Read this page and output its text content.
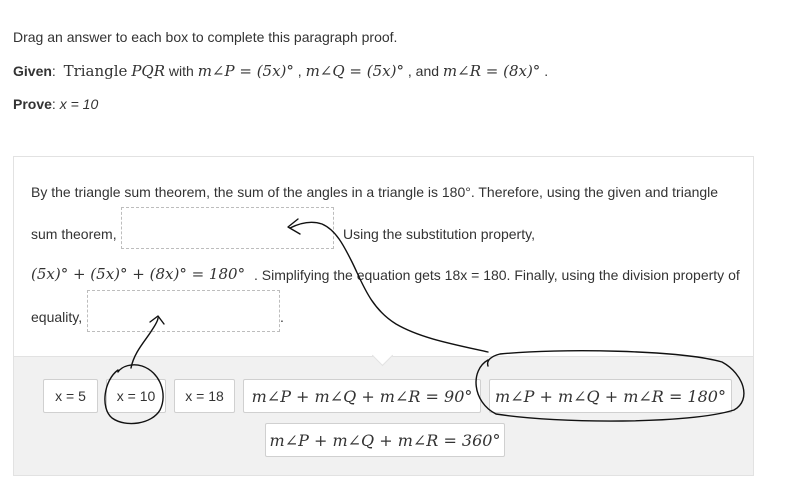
Drag an answer to each box to complete this paragraph proof.
Given:  Triangle PQR with m∠P = (5x)° , m∠Q = (5x)° , and m∠R = (8x)° .
Prove: x = 10
By the triangle sum theorem, the sum of the angles in a triangle is 180°. Therefore, using the given and triangle
sum theorem,	Using the substitution property,
(5x)° + (5x)° + (8x)° = 180° . Simplifying the equation gets 18x = 180. Finally, using the division property of
equality,	.
x = 5 x = 10 x = 18 m∠P + m∠Q + m∠R = 90° m∠P + m∠Q + m∠R = 180°
m∠P + m∠Q + m∠R = 360°
